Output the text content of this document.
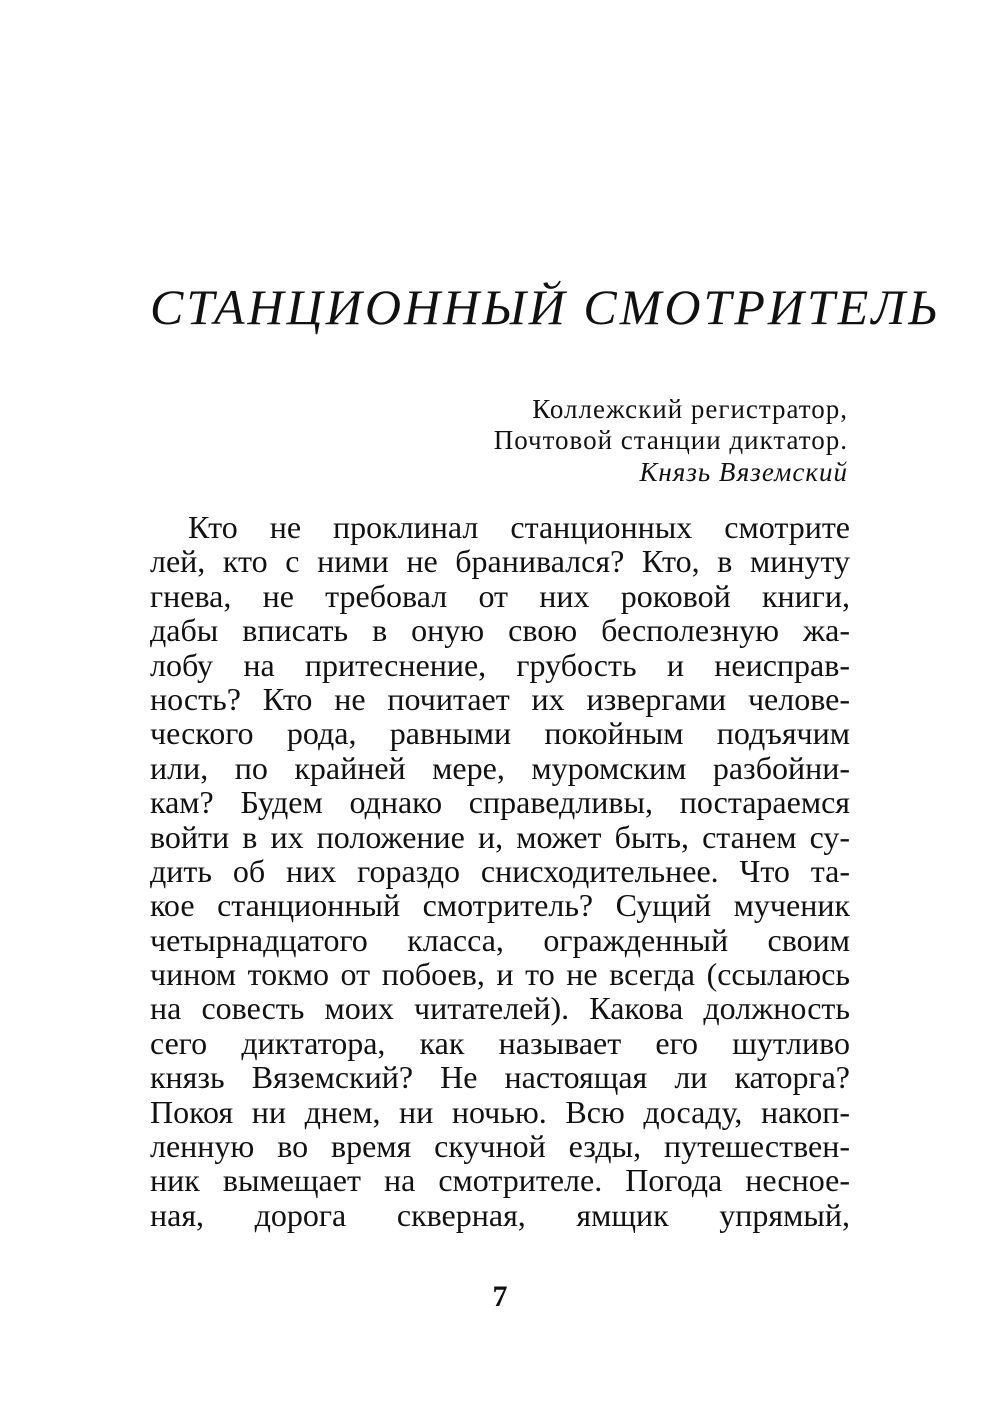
СТАНЦИОННЫЙ СМОТРИТЕЛЬ
Коллежский регистратор,
Почтовой станции диктатор.
Князь Вяземский
Кто не проклинал станционных смотрите
лей, кто с ними не бранивался? Кто, в минуту
гнева, не требовал от них роковой книги,
дабы вписать в оную свою бесполезную жа-
лобу на притеснение, грубость и неисправ-
ность? Кто не почитает их извергами челове-
ческого рода, равными покойным подъячим
или, по крайней мере, муромским разбойни-
кам? Будем однако справедливы, постараемся
войти в их положение и, может быть, станем су-
дить об них гораздо снисходительнее. Что та-
кое станционный смотритель? Сущий мученик
четырнадцатого класса, огражденный своим
чином токмо от побоев, и то не всегда (ссылаюсь
на совесть моих читателей). Какова должность
сего диктатора, как называет его шутливо
князь Вяземский? Не настоящая ли каторга?
Покоя ни днем, ни ночью. Всю досаду, накоп-
ленную во время скучной езды, путешествен-
ник вымещает на смотрителе. Погода несное-
ная, дорога скверная, ямщик упрямый,
7
